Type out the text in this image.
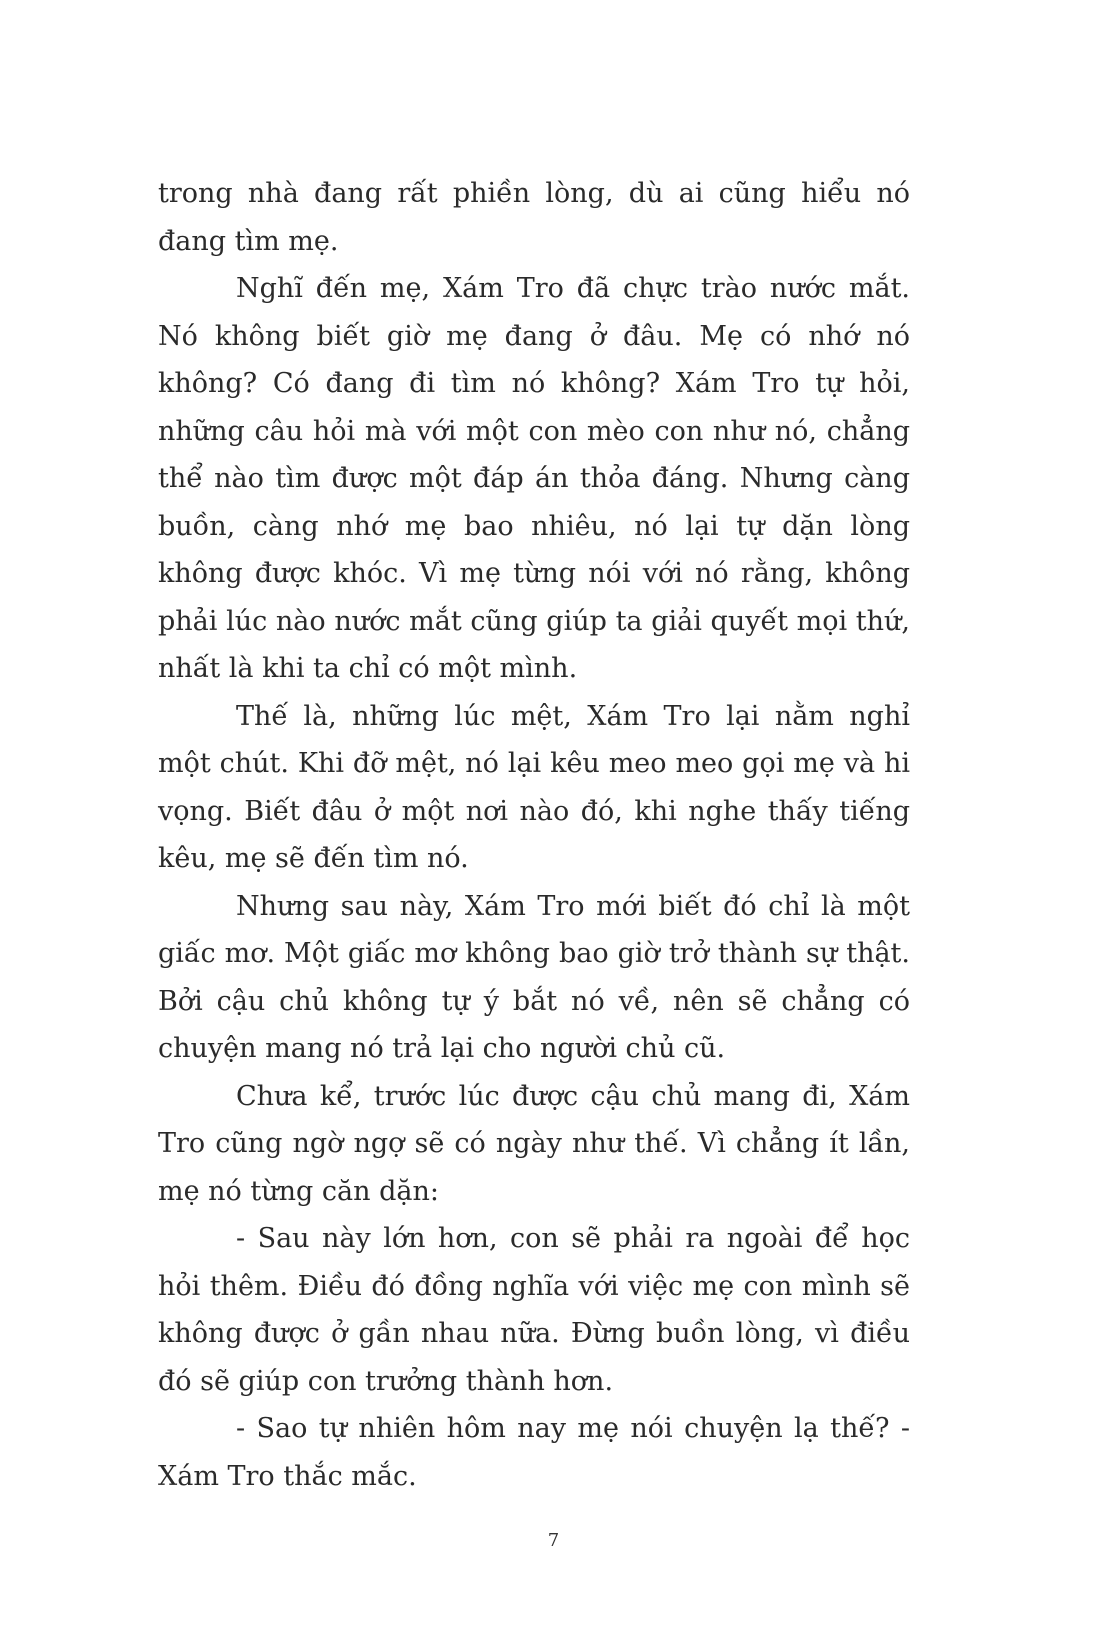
trong nhà đang rất phiền lòng, dù ai cũng hiểu nó đang tìm mẹ.

Nghĩ đến mẹ, Xám Tro đã chực trào nước mắt. Nó không biết giờ mẹ đang ở đâu. Mẹ có nhớ nó không? Có đang đi tìm nó không? Xám Tro tự hỏi, những câu hỏi mà với một con mèo con như nó, chẳng thể nào tìm được một đáp án thỏa đáng. Nhưng càng buồn, càng nhớ mẹ bao nhiêu, nó lại tự dặn lòng không được khóc. Vì mẹ từng nói với nó rằng, không phải lúc nào nước mắt cũng giúp ta giải quyết mọi thứ, nhất là khi ta chỉ có một mình.

Thế là, những lúc mệt, Xám Tro lại nằm nghỉ một chút. Khi đỡ mệt, nó lại kêu meo meo gọi mẹ và hi vọng. Biết đâu ở một nơi nào đó, khi nghe thấy tiếng kêu, mẹ sẽ đến tìm nó.

Nhưng sau này, Xám Tro mới biết đó chỉ là một giấc mơ. Một giấc mơ không bao giờ trở thành sự thật. Bởi cậu chủ không tự ý bắt nó về, nên sẽ chẳng có chuyện mang nó trả lại cho người chủ cũ.

Chưa kể, trước lúc được cậu chủ mang đi, Xám Tro cũng ngờ ngợ sẽ có ngày như thế. Vì chẳng ít lần, mẹ nó từng căn dặn:

- Sau này lớn hơn, con sẽ phải ra ngoài để học hỏi thêm. Điều đó đồng nghĩa với việc mẹ con mình sẽ không được ở gần nhau nữa. Đừng buồn lòng, vì điều đó sẽ giúp con trưởng thành hơn.

- Sao tự nhiên hôm nay mẹ nói chuyện lạ thế? - Xám Tro thắc mắc.

7
